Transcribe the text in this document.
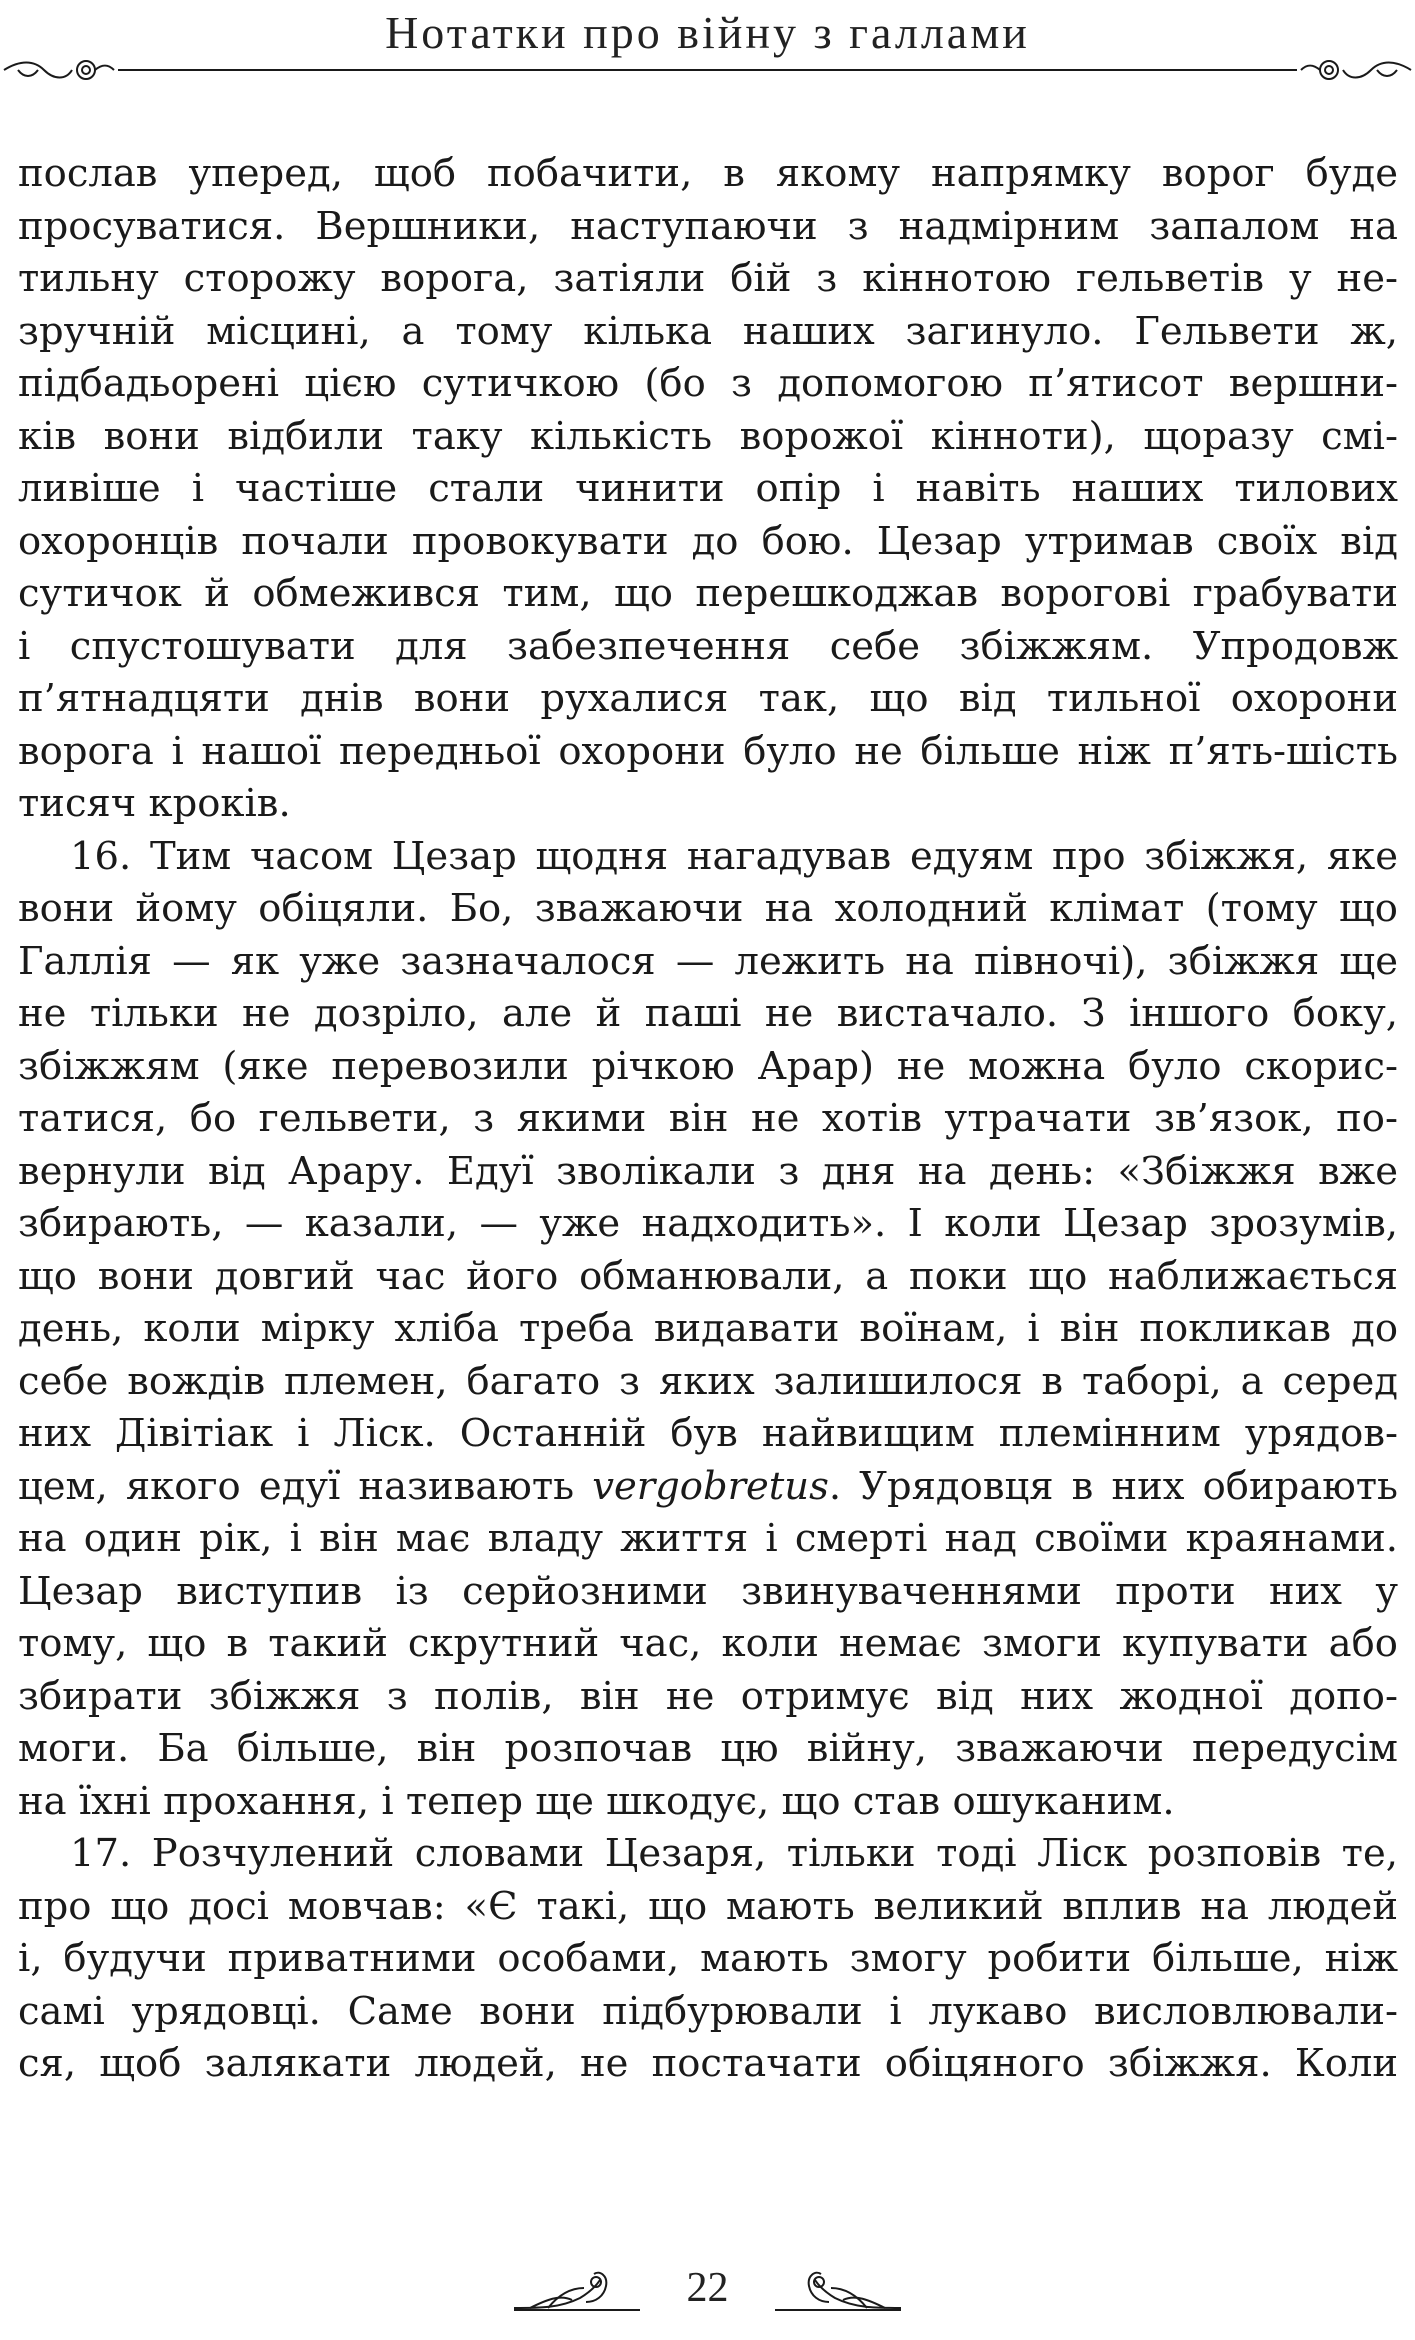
Нотатки про війну з галлами
послав уперед, щоб побачити, в якому напрямку ворог буде
просуватися. Вершники, наступаючи з надмірним запалом на
тильну сторожу ворога, затіяли бій з кіннотою гельветів у не-
зручній місцині, а тому кілька наших загинуло. Гельвети ж,
підбадьорені цією сутичкою (бо з допомогою п’ятисот вершни-
ків вони відбили таку кількість ворожої кінноти), щоразу смі-
ливіше і частіше стали чинити опір і навіть наших тилових
охоронців почали провокувати до бою. Цезар утримав своїх від
сутичок й обмежився тим, що перешкоджав ворогові грабувати
і спустошувати для забезпечення себе збіжжям. Упродовж
п’ятнадцяти днів вони рухалися так, що від тильної охорони
ворога і нашої передньої охорони було не більше ніж п’ять-шість
тисяч кроків.
16. Тим часом Цезар щодня нагадував едуям про збіжжя, яке
вони йому обіцяли. Бо, зважаючи на холодний клімат (тому що
Галлія — як уже зазначалося — лежить на півночі), збіжжя ще
не тільки не дозріло, але й паші не вистачало. З іншого боку,
збіжжям (яке перевозили річкою Арар) не можна було скорис-
татися, бо гельвети, з якими він не хотів утрачати зв’язок, по-
вернули від Арару. Едуї зволікали з дня на день: «Збіжжя вже
збирають, — казали, — уже надходить». І коли Цезар зрозумів,
що вони довгий час його обманювали, а поки що наближається
день, коли мірку хліба треба видавати воїнам, і він покликав до
себе вождів племен, багато з яких залишилося в таборі, а серед
них Дівітіак і Ліск. Останній був найвищим племінним урядов-
цем, якого едуї називають vergobretus. Урядовця в них обирають
на один рік, і він має владу життя і смерті над своїми краянами.
Цезар виступив із серйозними звинуваченнями проти них у
тому, що в такий скрутний час, коли немає змоги купувати або
збирати збіжжя з полів, він не отримує від них жодної допо-
моги. Ба більше, він розпочав цю війну, зважаючи передусім
на їхні прохання, і тепер ще шкодує, що став ошуканим.
17. Розчулений словами Цезаря, тільки тоді Ліск розповів те,
про що досі мовчав: «Є такі, що мають великий вплив на людей
і, будучи приватними особами, мають змогу робити більше, ніж
самі урядовці. Саме вони підбурювали і лукаво висловлювали-
ся, щоб залякати людей, не постачати обіцяного збіжжя. Коли
22
